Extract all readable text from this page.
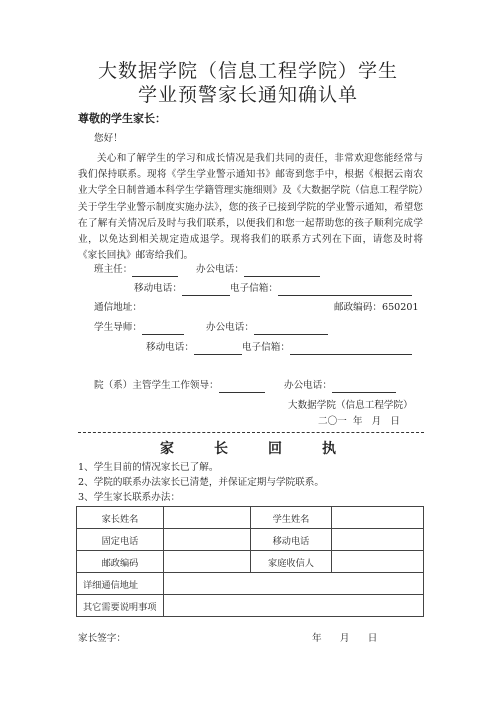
大数据学院（信息工程学院）学生
学业预警家长通知确认单
尊敬的学生家长：
您好！
关心和了解学生的学习和成长情况是我们共同的责任，非常欢迎您能经常与我们保持联系。现将《学生学业警示通知书》邮寄到您手中，根据《根据云南农业大学全日制普通本科学生学籍管理实施细则》及《大数据学院（信息工程学院）关于学生学业警示制度实施办法》，您的孩子已接到学院的学业警示通知，希望您在了解有关情况后及时与我们联系，以便我们和您一起帮助您的孩子顺利完成学业，以免达到相关规定造成退学。现将我们的联系方式列在下面，请您及时将《家长回执》邮寄给我们。
班主任：	办公电话：
移动电话：	电子信箱：
通信地址：	邮政编码：650201
学生导师：	办公电话：
移动电话：	电子信箱：
院（系）主管学生工作领导：	办公电话：
大数据学院（信息工程学院）
二〇一  年   月   日
家长回执
1、学生目前的情况家长已了解。
2、学院的联系办法家长已清楚，并保证定期与学院联系。
3、学生家长联系办法：
家长姓名		学生姓名	
固定电话		移动电话	
邮政编码		家庭收信人	
详细通信地址			
其它需要说明事项			
家长签字：	年      月      日
